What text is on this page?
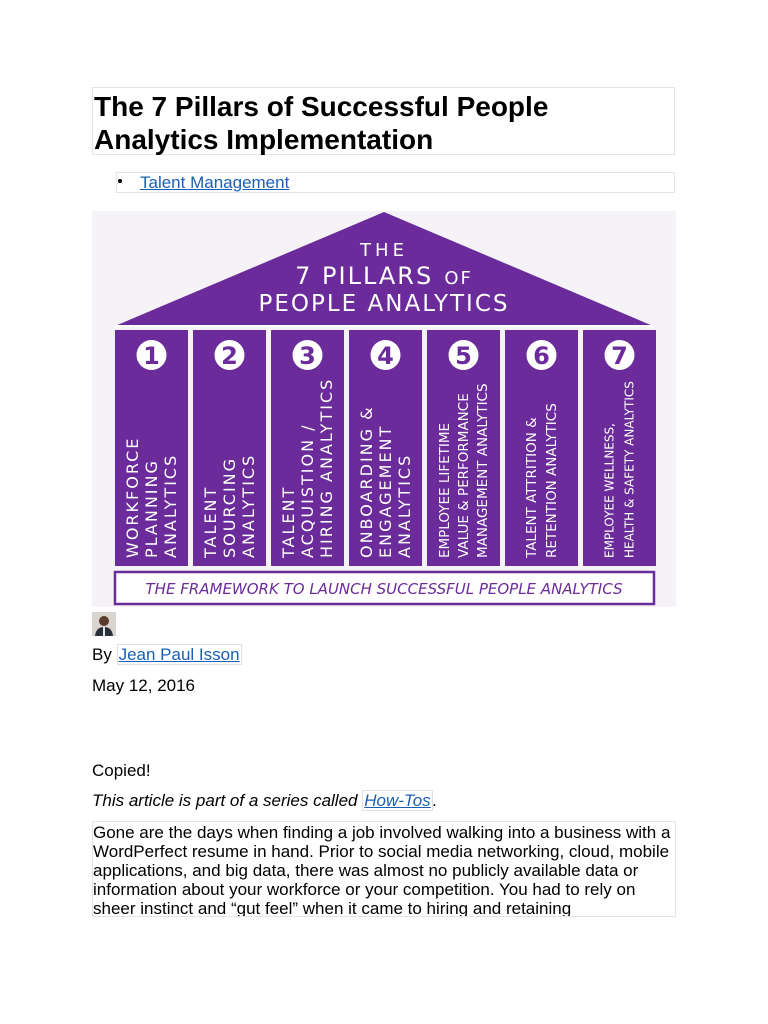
The 7 Pillars of Successful People Analytics Implementation
Talent Management
THE
7 PILLARS OF
PEOPLE ANALYTICS
1
WORKFORCE PLANNING ANALYTICS
2
TALENT SOURCING ANALYTICS
3
TALENT ACQUISTION / HIRING ANALYTICS
4
ONBOARDING & ENGAGEMENT ANALYTICS
5
EMPLOYEE LIFETIME VALUE & PERFORMANCE MANAGEMENT ANALYTICS
6
TALENT ATTRITION & RETENTION ANALYTICS
7
EMPLOYEE WELLNESS, HEALTH & SAFETY ANALYTICS
THE FRAMEWORK TO LAUNCH SUCCESSFUL PEOPLE ANALYTICS
By Jean Paul Isson
May 12, 2016
Copied!
This article is part of a series called How-Tos .

Gone are the days when finding a job involved walking into a business with a WordPerfect resume in hand. Prior to social media networking, cloud, mobile applications, and big data, there was almost no publicly available data or information about your workforce or your competition. You had to rely on sheer instinct and “gut feel” when it came to hiring and retaining
